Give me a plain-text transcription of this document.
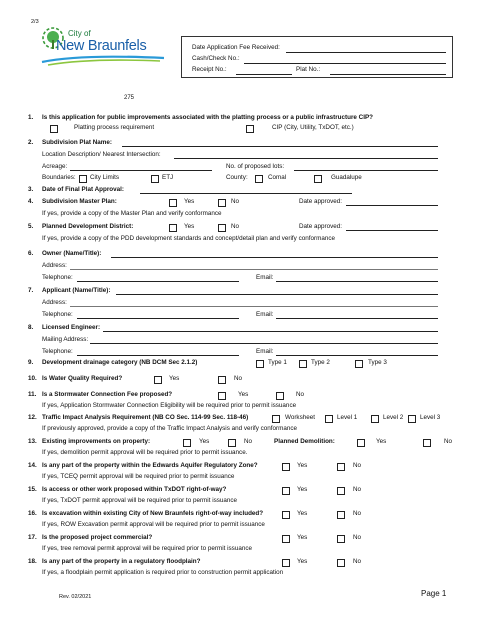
2/3
City of
New Braunfels
275
Date Application Fee Received:
Cash/Check No.:
Receipt No.:	Plat No.:
1. Is this application for public improvements associated with the platting process or a public infrastructure CIP?
Platting process requirement	CIP (City, Utility, TxDOT, etc.)
2. Subdivision Plat Name:
Location Description/ Nearest Intersection:
Acreage:	No. of proposed lots:
Boundaries: City Limits	ETJ	County:	Comal	Guadalupe
3. Date of Final Plat Approval:
4. Subdivision Master Plan:	Yes	No	Date approved:
If yes, provide a copy of the Master Plan and verify conformance
5. Planned Development District:	Yes	No	Date approved:
If yes, provide a copy of the PDD development standards and concept/detail plan and verify conformance
6. Owner (Name/Title):
Address:
Telephone:	Email:
7. Applicant (Name/Title):
Address:
Telephone:	Email:
8. Licensed Engineer:
Mailing Address:
Telephone:	Email:
9. Development drainage category (NB DCM Sec 2.1.2)	Type 1	Type 2	Type 3
10. Is Water Quality Required?	Yes	No
11. Is a Stormwater Connection Fee proposed?	Yes	No
If yes, Application Stormwater Connection Eligibility will be required prior to permit issuance
12. Traffic Impact Analysis Requirement (NB CO Sec. 114-99 Sec. 118-46)	Worksheet	Level 1	Level 2	Level 3
If previously approved, provide a copy of the Traffic Impact Analysis and verify conformance
13. Existing improvements on property:	Yes	No	Planned Demolition:	Yes	No
If yes, demolition permit approval will be required prior to permit issuance.
14. Is any part of the property within the Edwards Aquifer Regulatory Zone?	Yes	No
If yes, TCEQ permit approval will be required prior to permit issuance
15. Is access or other work proposed within TxDOT right-of-way?	Yes	No
If yes, TxDOT permit approval will be required prior to permit issuance
16. Is excavation within existing City of New Braunfels right-of-way included?	Yes	No
If yes, ROW Excavation permit approval will be required prior to permit issuance
17. Is the proposed project commercial?	Yes	No
If yes, tree removal permit approval will be required prior to permit issuance
18. Is any part of the property in a regulatory floodplain?	Yes	No
If yes, a floodplain permit application is required prior to construction permit application
Rev. 02/2021	Page 1
